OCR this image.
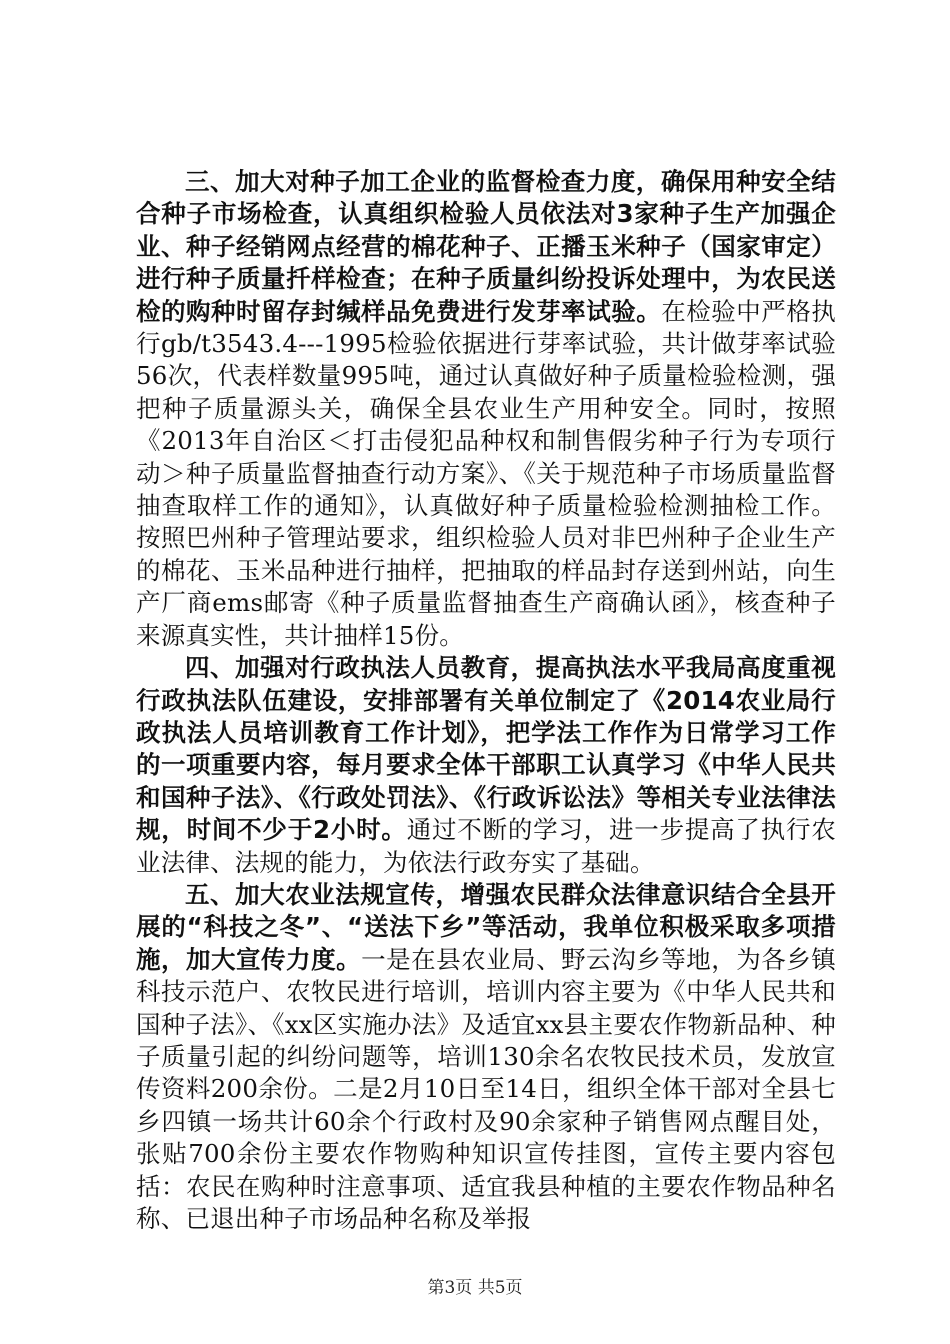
三、加大对种子加工企业的监督检查力度，确保用种安全结合种子市场检查，认真组织检验人员依法对3家种子生产加强企业、种子经销网点经营的棉花种子、正播玉米种子（国家审定）进行种子质量扦样检查；在种子质量纠纷投诉处理中，为农民送检的购种时留存封缄样品免费进行发芽率试验。在检验中严格执行gb/t3543.4---1995检验依据进行芽率试验，共计做芽率试验56次，代表样数量995吨，通过认真做好种子质量检验检测，强把种子质量源头关，确保全县农业生产用种安全。同时，按照《2013年自治区＜打击侵犯品种权和制售假劣种子行为专项行动＞种子质量监督抽查行动方案》、《关于规范种子市场质量监督抽查取样工作的通知》，认真做好种子质量检验检测抽检工作。按照巴州种子管理站要求，组织检验人员对非巴州种子企业生产的棉花、玉米品种进行抽样，把抽取的样品封存送到州站，向生产厂商ems邮寄《种子质量监督抽查生产商确认函》，核查种子来源真实性，共计抽样15份。

四、加强对行政执法人员教育，提高执法水平我局高度重视行政执法队伍建设，安排部署有关单位制定了《2014农业局行政执法人员培训教育工作计划》，把学法工作作为日常学习工作的一项重要内容，每月要求全体干部职工认真学习《中华人民共和国种子法》、《行政处罚法》、《行政诉讼法》等相关专业法律法规，时间不少于2小时。通过不断的学习，进一步提高了执行农业法律、法规的能力，为依法行政夯实了基础。

五、加大农业法规宣传，增强农民群众法律意识结合全县开展的“科技之冬”、“送法下乡”等活动，我单位积极采取多项措施，加大宣传力度。一是在县农业局、野云沟乡等地，为各乡镇科技示范户、农牧民进行培训，培训内容主要为《中华人民共和国种子法》、《xx区实施办法》及适宜xx县主要农作物新品种、种子质量引起的纠纷问题等，培训130余名农牧民技术员，发放宣传资料200余份。二是2月10日至14日，组织全体干部对全县七乡四镇一场共计60余个行政村及90余家种子销售网点醒目处，张贴700余份主要农作物购种知识宣传挂图，宣传主要内容包括：农民在购种时注意事项、适宜我县种植的主要农作物品种名称、已退出种子市场品种名称及举报

第3页 共5页
